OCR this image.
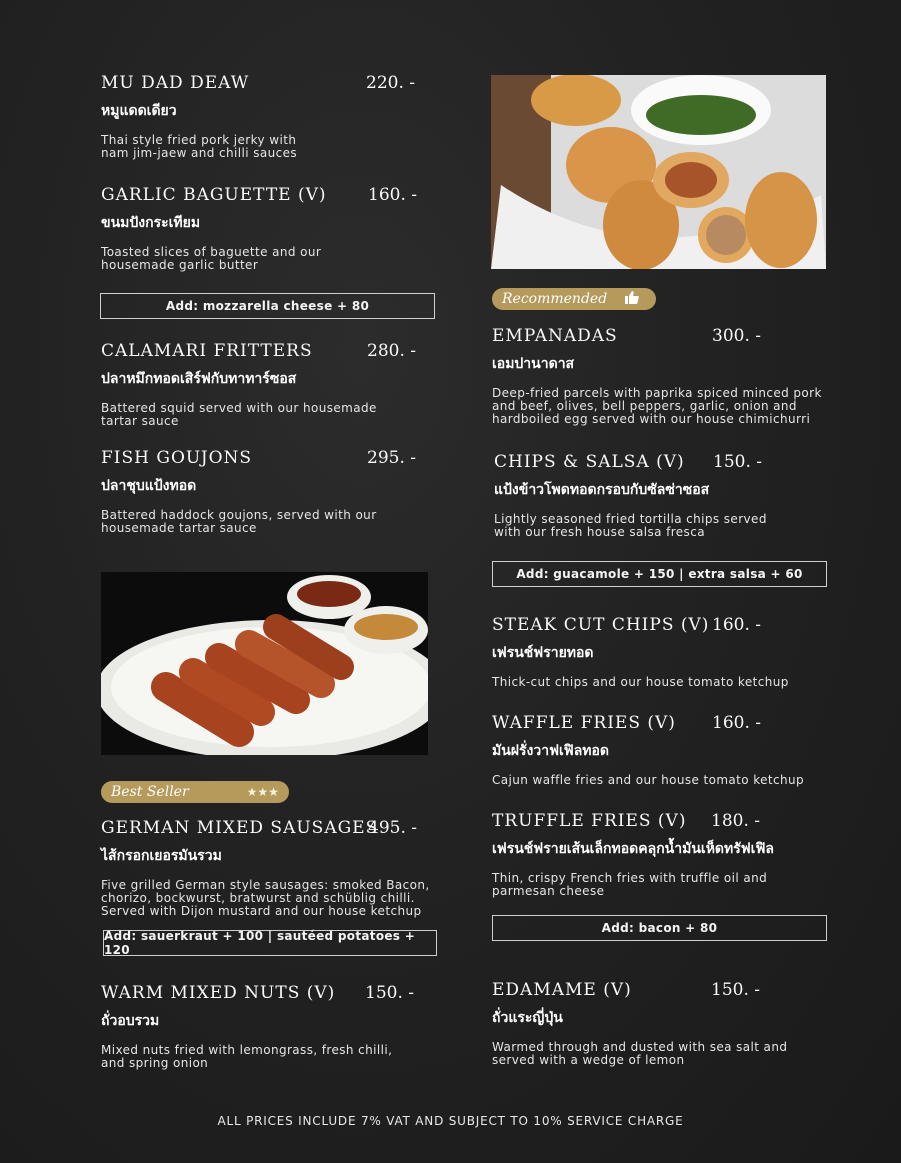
MU DAD DEAW	220. -
หมูแดดเดียว
Thai style fried pork jerky with nam jim-jaew and chilli sauces
GARLIC BAGUETTE (V) 160. -
ขนมปังกระเทียม
Toasted slices of baguette and our housemade garlic butter
Add: mozzarella cheese + 80
CALAMARI FRITTERS	280. -
ปลาหมึกทอดเสิร์ฟกับทาทาร์ซอส
Battered squid served with our housemade tartar sauce
FISH GOUJONS	295. -
ปลาชุบแป้งทอด
Battered haddock goujons, served with our housemade tartar sauce
Best Seller	★★★
GERMAN MIXED SAUSAGES
495. -
ไส้กรอกเยอรมันรวม
Five grilled German style sausages: smoked Bacon, chorizo, bockwurst, bratwurst and schüblig chilli. Served with Dijon mustard and our house ketchup
Add: sauerkraut + 100 | sautéed potatoes + 120
WARM MIXED NUTS (V) 150. -
ถั่วอบรวม
Mixed nuts fried with lemongrass, fresh chilli, and spring onion
Recommended
EMPANADAS	300. -
เอมปานาดาส
Deep-fried parcels with paprika spiced minced pork and beef, olives, bell peppers, garlic, onion and hardboiled egg served with our house chimichurri
CHIPS & SALSA (V) 150. -
แป้งข้าวโพดทอดกรอบกับซัลซ่าซอส
Lightly seasoned fried tortilla chips served with our fresh house salsa fresca
Add: guacamole + 150 | extra salsa + 60
STEAK CUT CHIPS (V) 160. -
เฟรนช์ฟรายทอด
Thick-cut chips and our house tomato ketchup
WAFFLE FRIES (V) 160. -
มันฝรั่งวาฟเฟิลทอด
Cajun waffle fries and our house tomato ketchup
TRUFFLE FRIES (V) 180. -
เฟรนช์ฟรายเส้นเล็กทอดคลุกน้ำมันเห็ดทรัฟเฟิล
Thin, crispy French fries with truffle oil and parmesan cheese
Add: bacon + 80
EDAMAME (V)	150. -
ถั่วแระญี่ปุ่น
Warmed through and dusted with sea salt and served with a wedge of lemon
ALL PRICES INCLUDE 7% VAT AND SUBJECT TO 10% SERVICE CHARGE
